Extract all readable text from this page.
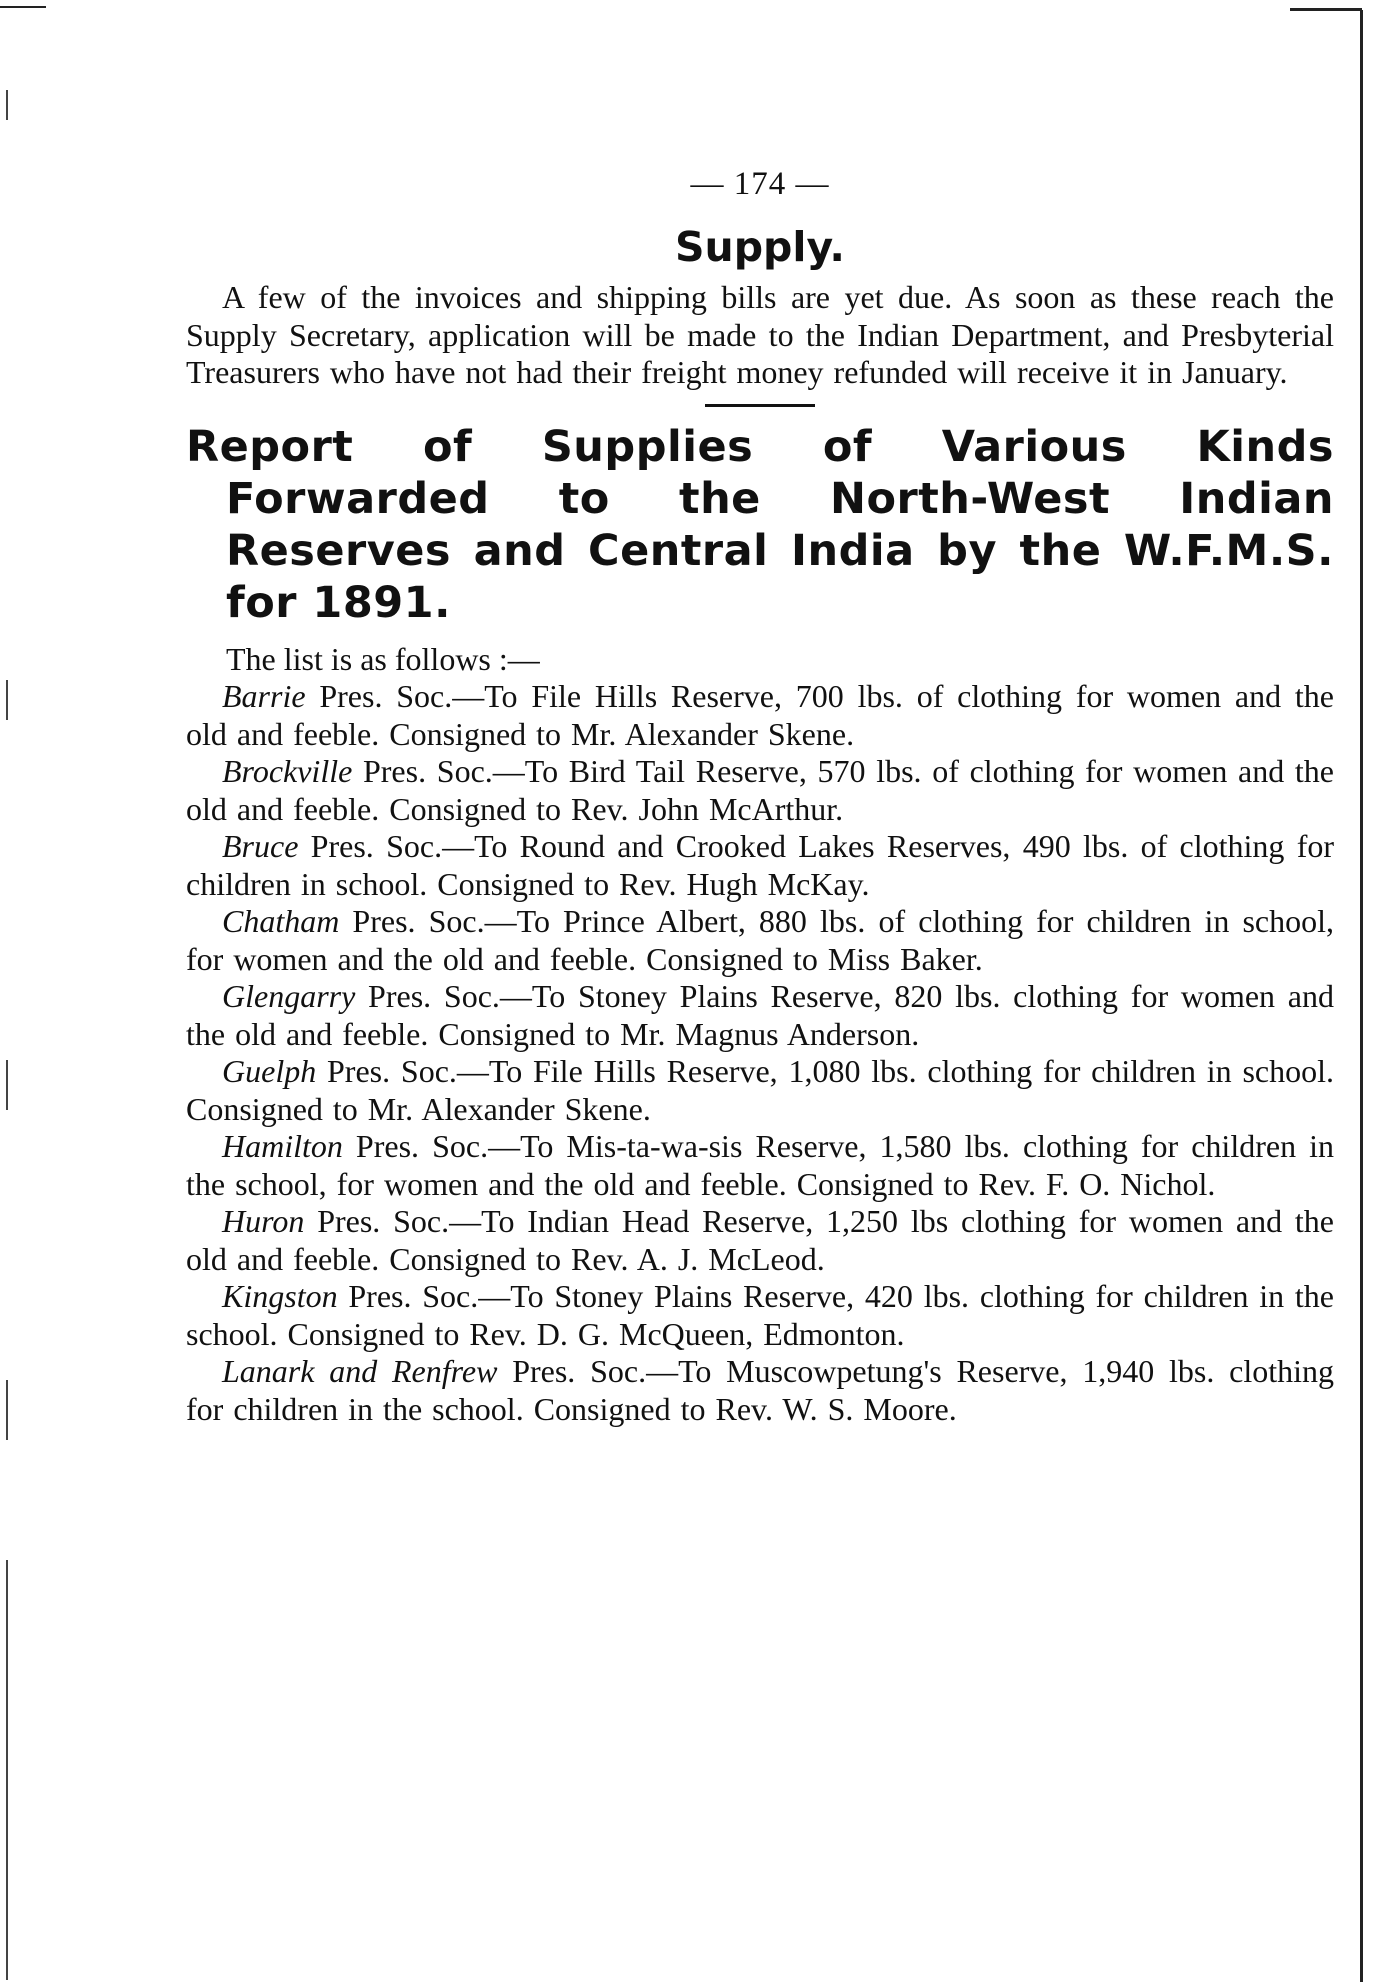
— 174 —
Supply.

A few of the invoices and shipping bills are yet due. As soon as these reach the Supply Secretary, application will be made to the Indian Department, and Presbyterial Treasurers who have not had their freight money refunded will receive it in January.

Report of Supplies of Various Kinds Forwarded to the North-West Indian Reserves and Central India by the W.F.M.S. for 1891.

The list is as follows :—

Barrie Pres. Soc.—To File Hills Reserve, 700 lbs. of clothing for women and the old and feeble. Consigned to Mr. Alexander Skene.
Brockville Pres. Soc.—To Bird Tail Reserve, 570 lbs. of clothing for women and the old and feeble. Consigned to Rev. John McArthur.
Bruce Pres. Soc.—To Round and Crooked Lakes Reserves, 490 lbs. of clothing for children in school. Consigned to Rev. Hugh McKay.
Chatham Pres. Soc.—To Prince Albert, 880 lbs. of clothing for children in school, for women and the old and feeble. Consigned to Miss Baker.
Glengarry Pres. Soc.—To Stoney Plains Reserve, 820 lbs. clothing for women and the old and feeble. Consigned to Mr. Magnus Anderson.
Guelph Pres. Soc.—To File Hills Reserve, 1,080 lbs. clothing for children in school. Consigned to Mr. Alexander Skene.
Hamilton Pres. Soc.—To Mis-ta-wa-sis Reserve, 1,580 lbs. clothing for children in the school, for women and the old and feeble. Consigned to Rev. F. O. Nichol.
Huron Pres. Soc.—To Indian Head Reserve, 1,250 lbs clothing for women and the old and feeble. Consigned to Rev. A. J. McLeod.
Kingston Pres. Soc.—To Stoney Plains Reserve, 420 lbs. clothing for children in the school. Consigned to Rev. D. G. McQueen, Edmonton.
Lanark and Renfrew Pres. Soc.—To Muscowpetung's Reserve, 1,940 lbs. clothing for children in the school. Consigned to Rev. W. S. Moore.
